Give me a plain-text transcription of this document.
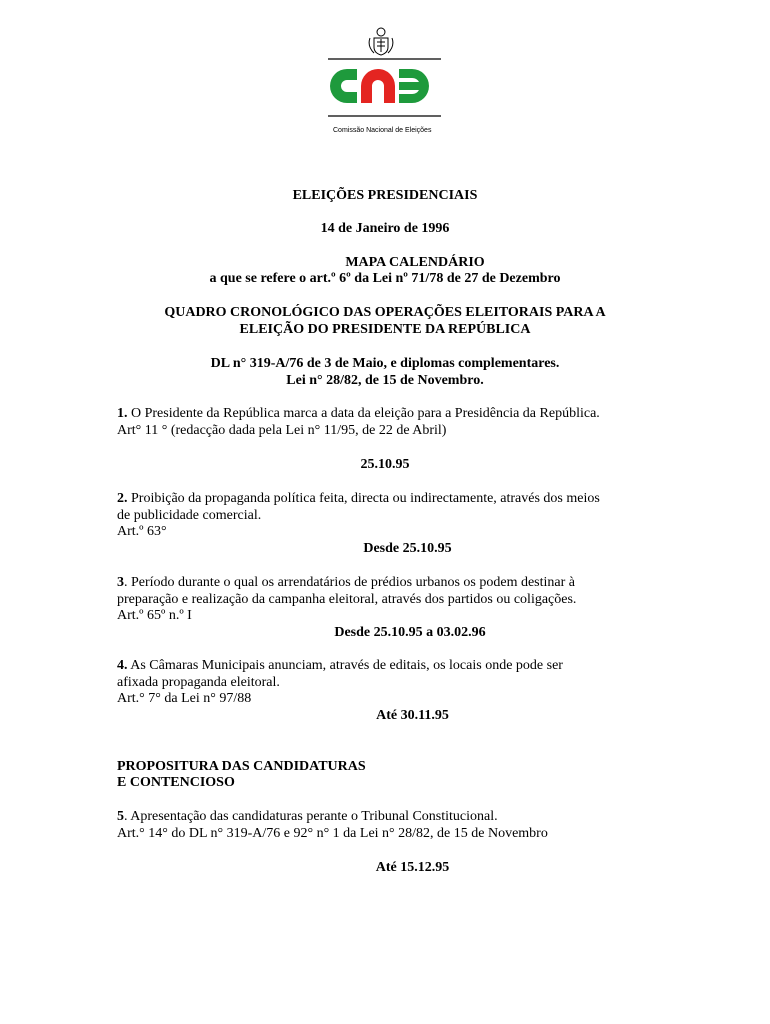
Comissão Nacional de Eleições
ELEIÇÕES PRESIDENCIAIS
14 de Janeiro de 1996
MAPA CALENDÁRIO
a que se refere o art.º 6º da Lei nº 71/78 de 27 de Dezembro
QUADRO CRONOLÓGICO DAS OPERAÇÕES ELEITORAIS PARA A
ELEIÇÃO DO PRESIDENTE DA REPÚBLICA
DL n° 319-A/76 de 3 de Maio, e diplomas complementares.
Lei n° 28/82, de 15 de Novembro.
1. O Presidente da República marca a data da eleição para a Presidência da República.
Art° 11 ° (redacção dada pela Lei n° 11/95, de 22 de Abril)
25.10.95
2. Proibição da propaganda política feita, directa ou indirectamente, através dos meios
de publicidade comercial.
Art.º 63°
Desde 25.10.95
3. Período durante o qual os arrendatários de prédios urbanos os podem destinar à
preparação e realização da campanha eleitoral, através dos partidos ou coligações.
Art.º 65º n.º I
Desde 25.10.95 a 03.02.96
4. As Câmaras Municipais anunciam, através de editais, os locais onde pode ser
afixada propaganda eleitoral.
Art.° 7° da Lei n° 97/88
Até 30.11.95
PROPOSITURA DAS CANDIDATURAS
E CONTENCIOSO
5. Apresentação das candidaturas perante o Tribunal Constitucional.
Art.° 14° do DL n° 319-A/76 e 92° n° 1 da Lei n° 28/82, de 15 de Novembro
Até 15.12.95
